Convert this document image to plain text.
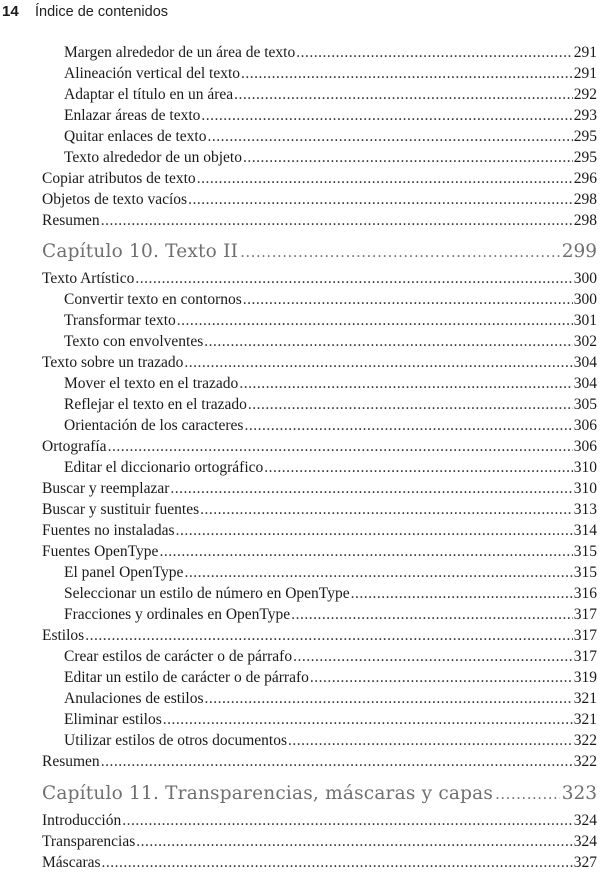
14	Índice de contenidos
Margen alrededor de un área de texto .....	291
Alineación vertical del texto .....	291
Adaptar el título en un área .....	292
Enlazar áreas de texto .....	293
Quitar enlaces de texto .....	295
Texto alrededor de un objeto .....	295
Copiar atributos de texto .....	296
Objetos de texto vacíos .....	298
Resumen .....	298
Capítulo 10. Texto II .....	299
Texto Artístico .....	300
Convertir texto en contornos .....	300
Transformar texto .....	301
Texto con envolventes .....	302
Texto sobre un trazado .....	304
Mover el texto en el trazado .....	304
Reflejar el texto en el trazado .....	305
Orientación de los caracteres .....	306
Ortografía .....	306
Editar el diccionario ortográfico .....	310
Buscar y reemplazar .....	310
Buscar y sustituir fuentes .....	313
Fuentes no instaladas .....	314
Fuentes OpenType .....	315
El panel OpenType .....	315
Seleccionar un estilo de número en OpenType .....	316
Fracciones y ordinales en OpenType .....	317
Estilos .....	317
Crear estilos de carácter o de párrafo .....	317
Editar un estilo de carácter o de párrafo .....	319
Anulaciones de estilos .....	321
Eliminar estilos .....	321
Utilizar estilos de otros documentos .....	322
Resumen .....	322
Capítulo 11. Transparencias, máscaras y capas .....	323
Introducción .....	324
Transparencias .....	324
Máscaras .....	327
